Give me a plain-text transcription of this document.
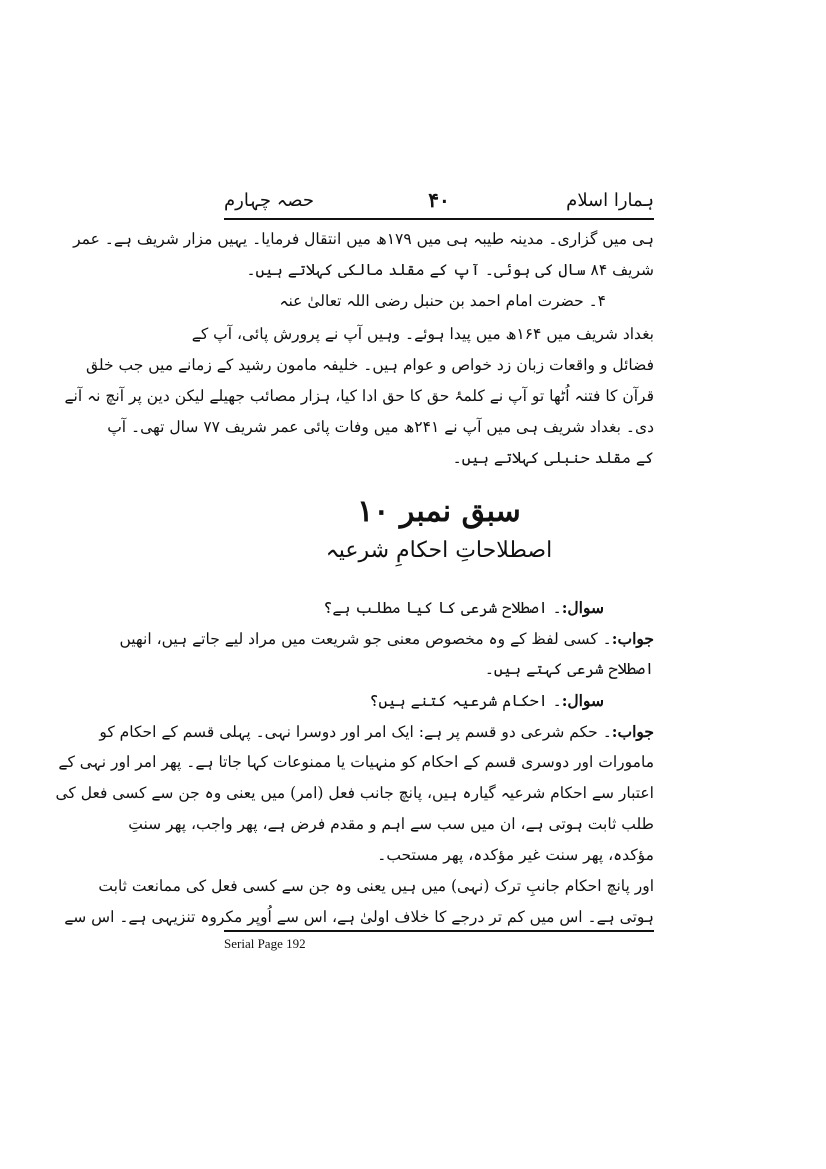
ہمارا اسلام
۴۰
حصہ چہارم
ہی میں گزاری۔ مدینہ طیبہ ہی میں ۱۷۹ھ میں انتقال فرمایا۔ یہیں مزار شریف ہے۔ عمر
شریف ۸۴ سال کی ہوئی۔ آپ کے مقلد مالکی کہلاتے ہیں۔
۴۔ حضرت امام احمد بن حنبل رضی اللہ تعالیٰ عنہ
بغداد شریف میں ۱۶۴ھ میں پیدا ہوئے۔ وہیں آپ نے پرورش پائی، آپ کے
فضائل و واقعات زبان زد خواص و عوام ہیں۔ خلیفہ مامون رشید کے زمانے میں جب خلق
قرآن کا فتنہ اُٹھا تو آپ نے کلمۂ حق کا حق ادا کیا، ہزار مصائب جھیلے لیکن دین پر آنچ نہ آنے
دی۔ بغداد شریف ہی میں آپ نے ۲۴۱ھ میں وفات پائی عمر شریف ۷۷ سال تھی۔ آپ
کے مقلد حنبلی کہلاتے ہیں۔
سبق نمبر ۱۰
اصطلاحاتِ احکامِ شرعیہ
سوال:۔ اصطلاح شرعی کا کیا مطلب ہے؟
جواب:۔ کسی لفظ کے وہ مخصوص معنی جو شریعت میں مراد لیے جاتے ہیں، انھیں
اصطلاح شرعی کہتے ہیں۔
سوال:۔ احکام شرعیہ کتنے ہیں؟
جواب:۔ حکم شرعی دو قسم پر ہے: ایک امر اور دوسرا نہی۔ پہلی قسم کے احکام کو
مامورات اور دوسری قسم کے احکام کو منہیات یا ممنوعات کہا جاتا ہے۔ پھر امر اور نہی کے
اعتبار سے احکام شرعیہ گیارہ ہیں، پانچ جانب فعل (امر) میں یعنی وہ جن سے کسی فعل کی
طلب ثابت ہوتی ہے، ان میں سب سے اہم و مقدم فرض ہے، پھر واجب، پھر سنتِ
مؤکدہ، پھر سنت غیر مؤکدہ، پھر مستحب۔
اور پانچ احکام جانبِ ترک (نہی) میں ہیں یعنی وہ جن سے کسی فعل کی ممانعت ثابت
ہوتی ہے۔ اس میں کم تر درجے کا خلاف اولیٰ ہے، اس سے اُوپر مکروہ تنزیہی ہے۔ اس سے
Serial Page 192
